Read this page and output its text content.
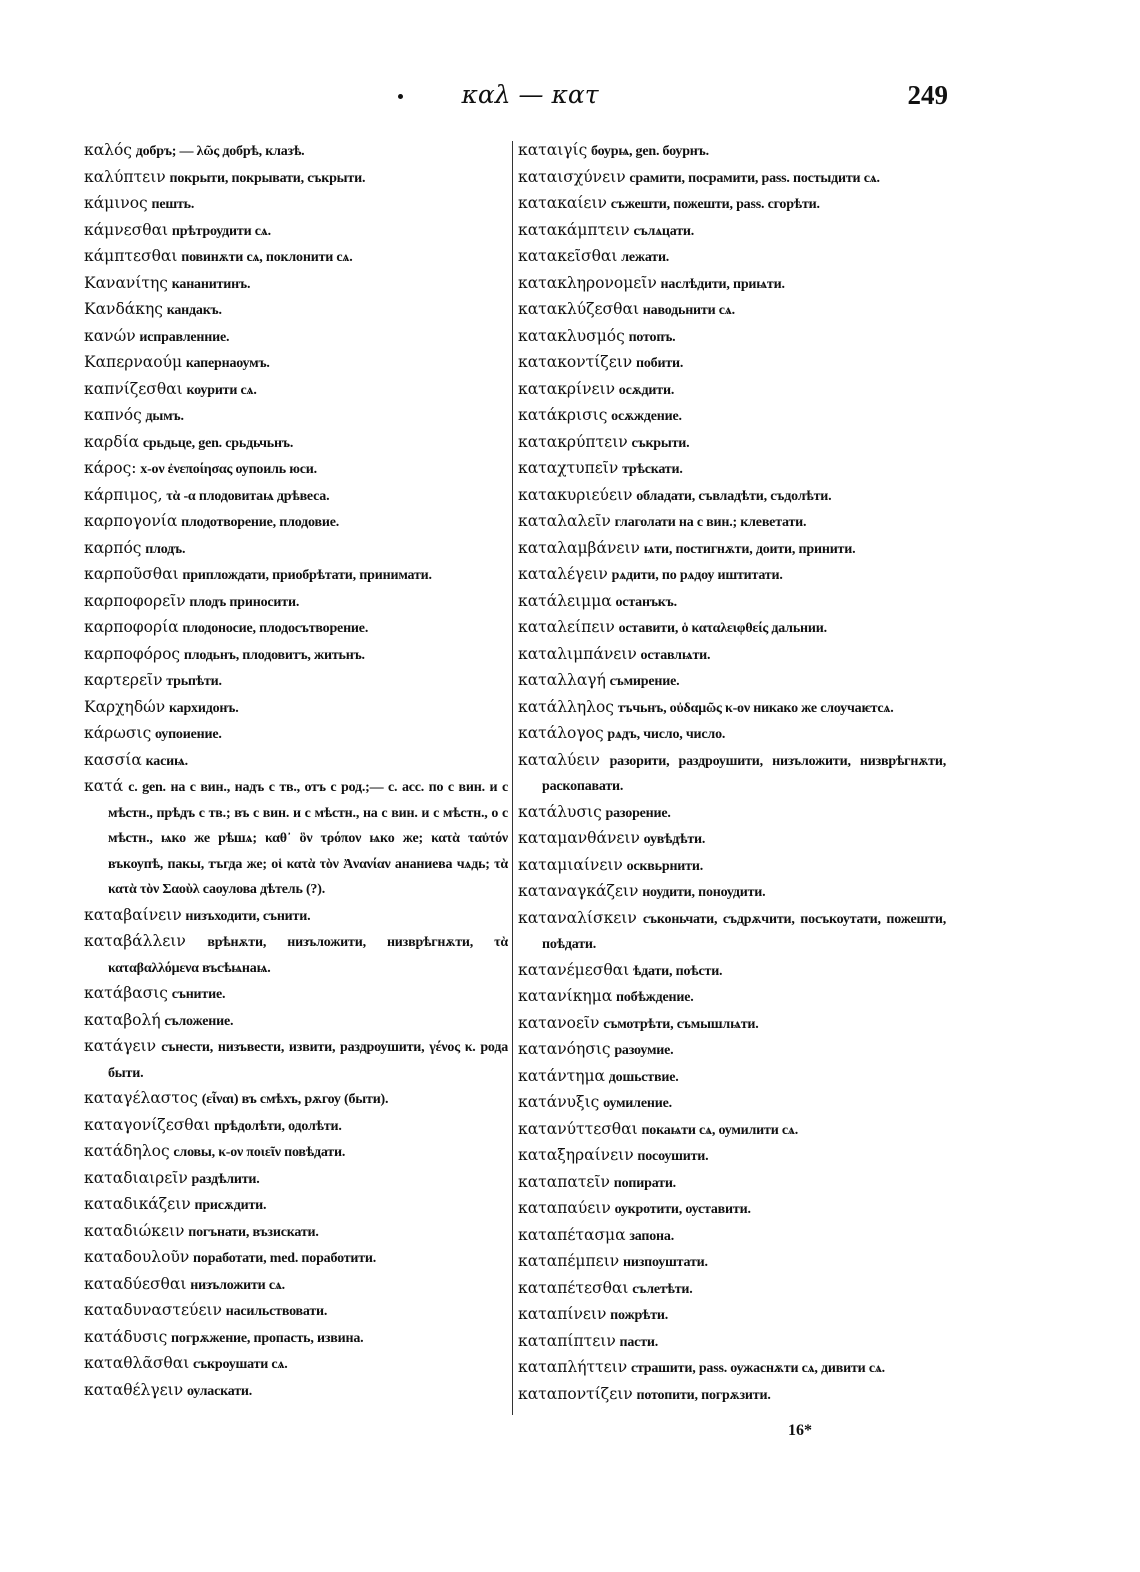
καλ — κατ	249
καλός добръ; — λῶς добрѣ, клазѣ.
καλύπτειν покрыти, покрывати, съкрыти.
κάμινος пешть.
κάμνεσθαι прѣтроудити сѧ.
κάμπτεσθαι повинѫти сѧ, поклонити сѧ.
Κανανίτης кананитинъ.
Κανδάκης кандакъ.
κανών исправленние.
Καπερναούμ капернаоумъ.
καπνίζεσθαι коурити сѧ.
καπνός дымъ.
καρδία срьдьце, gen. срьдьчьнъ.
κάρος: х-ον ἐνεποίησας оупоиль юси.
κάρπιμος, τὰ -α плодовитаѩ дрѣвеса.
καρπογονία плодотворение, плодовие.
καρπός плодъ.
καρποῦσθαι приплождати, приобрѣтати, принимати.
καρποφορεῖν плодъ приносити.
καρποφορία плодоносие, плодосътворение.
καρποφόρος плодьнъ, плодовитъ, житьнъ.
καρτερεῖν трьпѣти.
Καρχηδών кархидонъ.
κάρωσις оупоиение.
κασσία касиѩ.
κατά c. gen. на с вин., надъ с тв., отъ с род.;— с. acc. по с вин. и с мѣстн., прѣдъ с тв.; въ с вин. и с мѣстн., на с вин. и с мѣстн., о с мѣстн., ѩко же рѣшѧ; καθ᾽ ὃν τρόπον ѩко же; κατὰ ταὐτόν въкоупѣ, пакы, тъгда же; οἱ κατὰ τὸν Ἀνανίαν ананиева чѧдь; τὰ κατὰ τὸν Σαοὺλ саоулова дѣтель (?).
καταβαίνειν низъходити, сънити.
καταβάλλειν врѣнѫти, низъложити, низврѣгнѫти, τὰ καταβαλλόμενα въсѣѩнаѩ.
κατάβασις сънитие.
καταβολή съложение.
κατάγειν сънести, низъвести, извити, раздроушити, γένος κ. рода быти.
καταγέλαστος (εἶναι) въ смѣхъ, рѫгоу (быти).
καταγονίζεσθαι прѣдолѣти, одолѣти.
κατάδηλος словы, κ-ον ποιεῖν повѣдати.
καταδιαιρεῖν раздѣлити.
καταδικάζειν присѫдити.
καταδιώκειν погънати, възискати.
καταδουλοῦν поработати, med. поработити.
καταδύεσθαι низъложити сѧ.
καταδυναστεύειν насильствовати.
κατάδυσις погрѫжение, пропасть, извина.
καταθλᾶσθαι съкроушати сѧ.
καταθέλγειν оуласкати.
καταιγίς боурѩ, gen. боурнъ.
καταισχύνειν срамити, посрамити, pass. постыдити сѧ.
κατακαίειν съжешти, пожешти, pass. сгорѣти.
κατακάμπτειν сълѧцати.
κατακεῖσθαι лежати.
κατακληρονομεῖν наслѣдити, приѩти.
κατακλύζεσθαι наводьнити сѧ.
κατακλυσμός потопъ.
κατακοντίζειν побити.
κατακρίνειν осѫдити.
κατάκρισις осѫждение.
κατακρύπτειν съкрыти.
καταχτυπεῖν трѣскати.
κατακυριεύειν обладати, съвладѣти, съдолѣти.
καταλαλεῖν глаголати на с вин.; клеветати.
καταλαμβάνειν ѩти, постигнѫти, доити, принити.
καταλέγειν рѧдити, по рѧдоу иштитати.
κατάλειμμα останъкъ.
καταλείπειν оставити, ὁ καταλειφθείς дальнии.
καταλιμπάνειν оставлѩти.
καταλλαγή съмирение.
κατάλληλος тъчьнъ, οὐδαμῶς κ-ον никако же слоучаѥтсѧ.
κατάλογος рѧдъ, число, число.
καταλύειν разорити, раздроушити, низъложити, низврѣгнѫти, раскопавати.
κατάλυσις разорение.
καταμανθάνειν оувѣдѣти.
καταμιαίνειν осквьрнити.
καταναγκάζειν ноудити, поноудити.
καταναλίσκειν съконьчати, съдрѫчити, посъкоутати, пожешти, поѣдати.
κατανέμεσθαι ѣдати, поѣсти.
κατανίκημα побѣждение.
κατανοεῖν съмотрѣти, съмышлѩти.
κατανόησις разоумие.
κατάντημα дошьствие.
κατάνυξις оумиление.
κατανύττεσθαι покаѩти сѧ, оумилити сѧ.
καταξηραίνειν посоушити.
καταπατεῖν попирати.
καταπαύειν оукротити, оуставити.
καταπέτασμα запона.
καταπέμπειν низпоуштати.
καταπέτεσθαι сълетѣти.
καταπίνειν пожрѣти.
καταπίπτειν пасти.
καταπλήττειν страшити, pass. оужаснѫти сѧ, дивити сѧ.
καταποντίζειν потопити, погрѫзити.
16*
